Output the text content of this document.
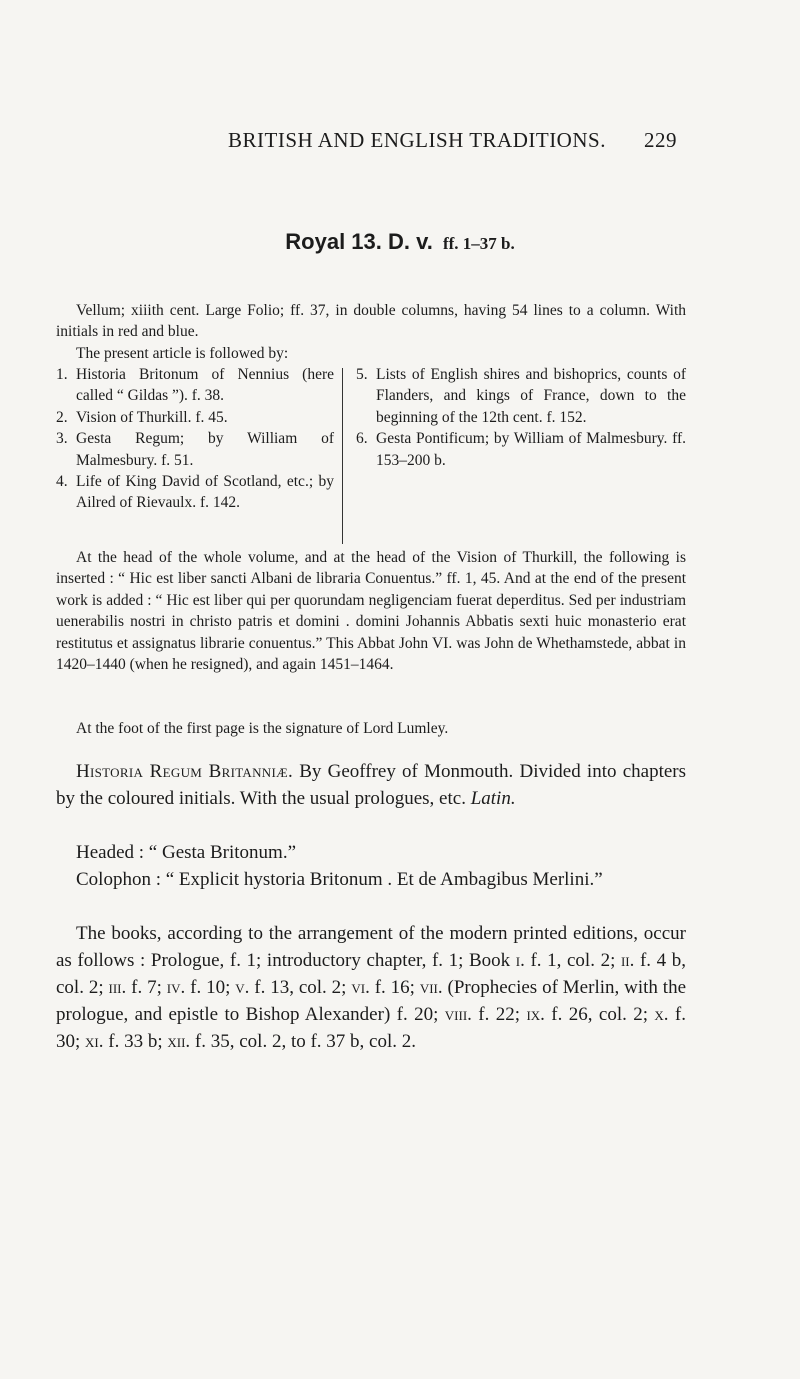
BRITISH AND ENGLISH TRADITIONS. 229
Royal 13. D. v. ff. 1–37 b.
Vellum; xiiith cent. Large Folio; ff. 37, in double columns, having 54 lines to a column. With initials in red and blue.
The present article is followed by:
1. Historia Britonum of Nennius (here called “ Gildas ”). f. 38.
2. Vision of Thurkill. f. 45.
3. Gesta Regum; by William of Malmesbury. f. 51.
4. Life of King David of Scotland, etc.; by Ailred of Rievaulx. f. 142.
5. Lists of English shires and bishoprics, counts of Flanders, and kings of France, down to the beginning of the 12th cent. f. 152.
6. Gesta Pontificum; by William of Malmesbury. ff. 153–200 b.
At the head of the whole volume, and at the head of the Vision of Thurkill, the following is inserted : “ Hic est liber sancti Albani de libraria Conuentus.” ff. 1, 45. And at the end of the present work is added : “ Hic est liber qui per quorundam negligenciam fuerat deperditus. Sed per industriam uenerabilis nostri in christo patris et domini . domini Johannis Abbatis sexti huic monasterio erat restitutus et assignatus librarie conuentus.” This Abbat John VI. was John de Whethamstede, abbat in 1420–1440 (when he resigned), and again 1451–1464.
At the foot of the first page is the signature of Lord Lumley.
Historia Regum Britanniæ. By Geoffrey of Monmouth. Divided into chapters by the coloured initials. With the usual prologues, etc. Latin.
Headed : “ Gesta Britonum.”
Colophon : “ Explicit hystoria Britonum . Et de Ambagibus Merlini.”
The books, according to the arrangement of the modern printed editions, occur as follows : Prologue, f. 1; introductory chapter, f. 1; Book i. f. 1, col. 2; ii. f. 4 b, col. 2; iii. f. 7; iv. f. 10; v. f. 13, col. 2; vi. f. 16; vii. (Prophecies of Merlin, with the prologue, and epistle to Bishop Alexander) f. 20; viii. f. 22; ix. f. 26, col. 2; x. f. 30; xi. f. 33 b; xii. f. 35, col. 2, to f. 37 b, col. 2.
